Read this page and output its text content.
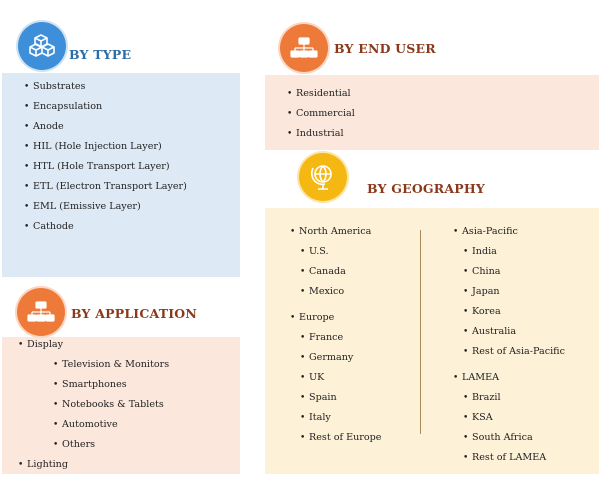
BY TYPE
• Substrates
• Encapsulation
• Anode
• HIL (Hole Injection Layer)
• HTL (Hole Transport Layer)
• ETL (Electron Transport Layer)
• EML (Emissive Layer)
• Cathode
BY END USER
• Residential
• Commercial
• Industrial
BY GEOGRAPHY
• North America
• U.S.
• Canada
• Mexico
• Europe
• France
• Germany
• UK
• Spain
• Italy
• Rest of Europe
• Asia-Pacific
• India
• China
• Japan
• Korea
• Australia
• Rest of Asia-Pacific
• LAMEA
• Brazil
• KSA
• South Africa
• Rest of LAMEA
BY APPLICATION
• Display
• Television & Monitors
• Smartphones
• Notebooks & Tablets
• Automotive
• Others
• Lighting
